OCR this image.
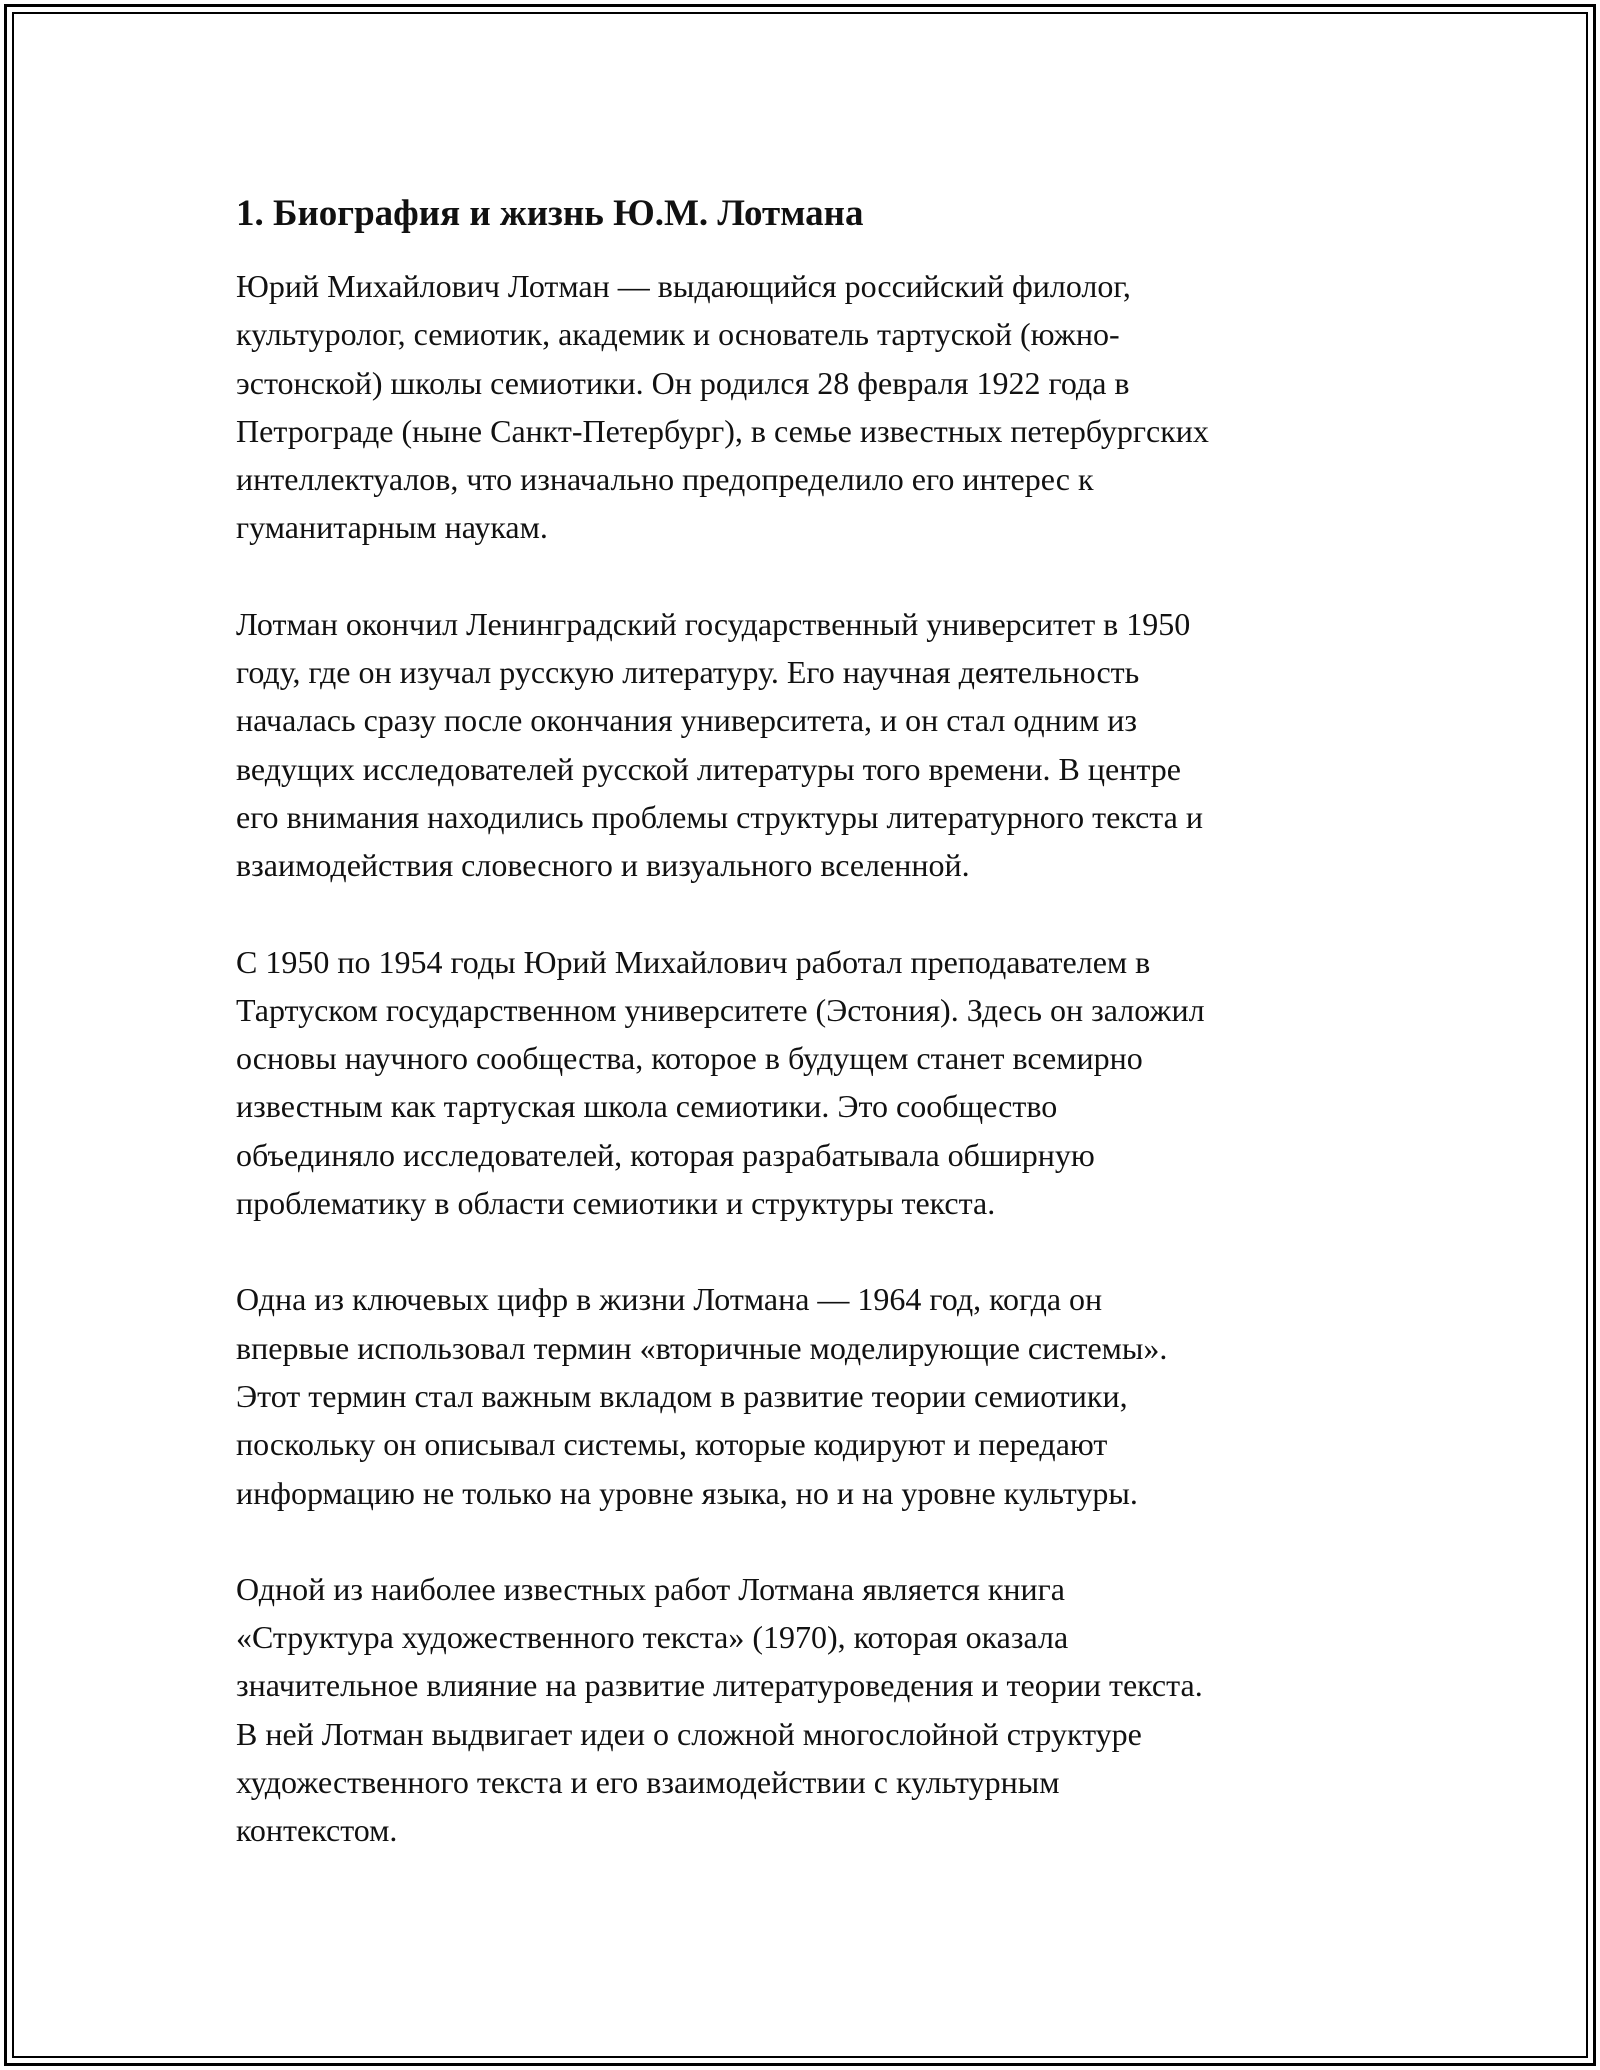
1. Биография и жизнь Ю.М. Лотмана

Юрий Михайлович Лотман — выдающийся российский филолог,
культуролог, семиотик, академик и основатель тартуской (южно-
эстонской) школы семиотики. Он родился 28 февраля 1922 года в
Петрограде (ныне Санкт-Петербург), в семье известных петербургских
интеллектуалов, что изначально предопределило его интерес к
гуманитарным наукам.

Лотман окончил Ленинградский государственный университет в 1950
году, где он изучал русскую литературу. Его научная деятельность
началась сразу после окончания университета, и он стал одним из
ведущих исследователей русской литературы того времени. В центре
его внимания находились проблемы структуры литературного текста и
взаимодействия словесного и визуального вселенной.

С 1950 по 1954 годы Юрий Михайлович работал преподавателем в
Тартуском государственном университете (Эстония). Здесь он заложил
основы научного сообщества, которое в будущем станет всемирно
известным как тартуская школа семиотики. Это сообщество
объединяло исследователей, которая разрабатывала обширную
проблематику в области семиотики и структуры текста.

Одна из ключевых цифр в жизни Лотмана — 1964 год, когда он
впервые использовал термин «вторичные моделирующие системы».
Этот термин стал важным вкладом в развитие теории семиотики,
поскольку он описывал системы, которые кодируют и передают
информацию не только на уровне языка, но и на уровне культуры.

Одной из наиболее известных работ Лотмана является книга
«Структура художественного текста» (1970), которая оказала
значительное влияние на развитие литературоведения и теории текста.
В ней Лотман выдвигает идеи о сложной многослойной структуре
художественного текста и его взаимодействии с культурным
контекстом.
